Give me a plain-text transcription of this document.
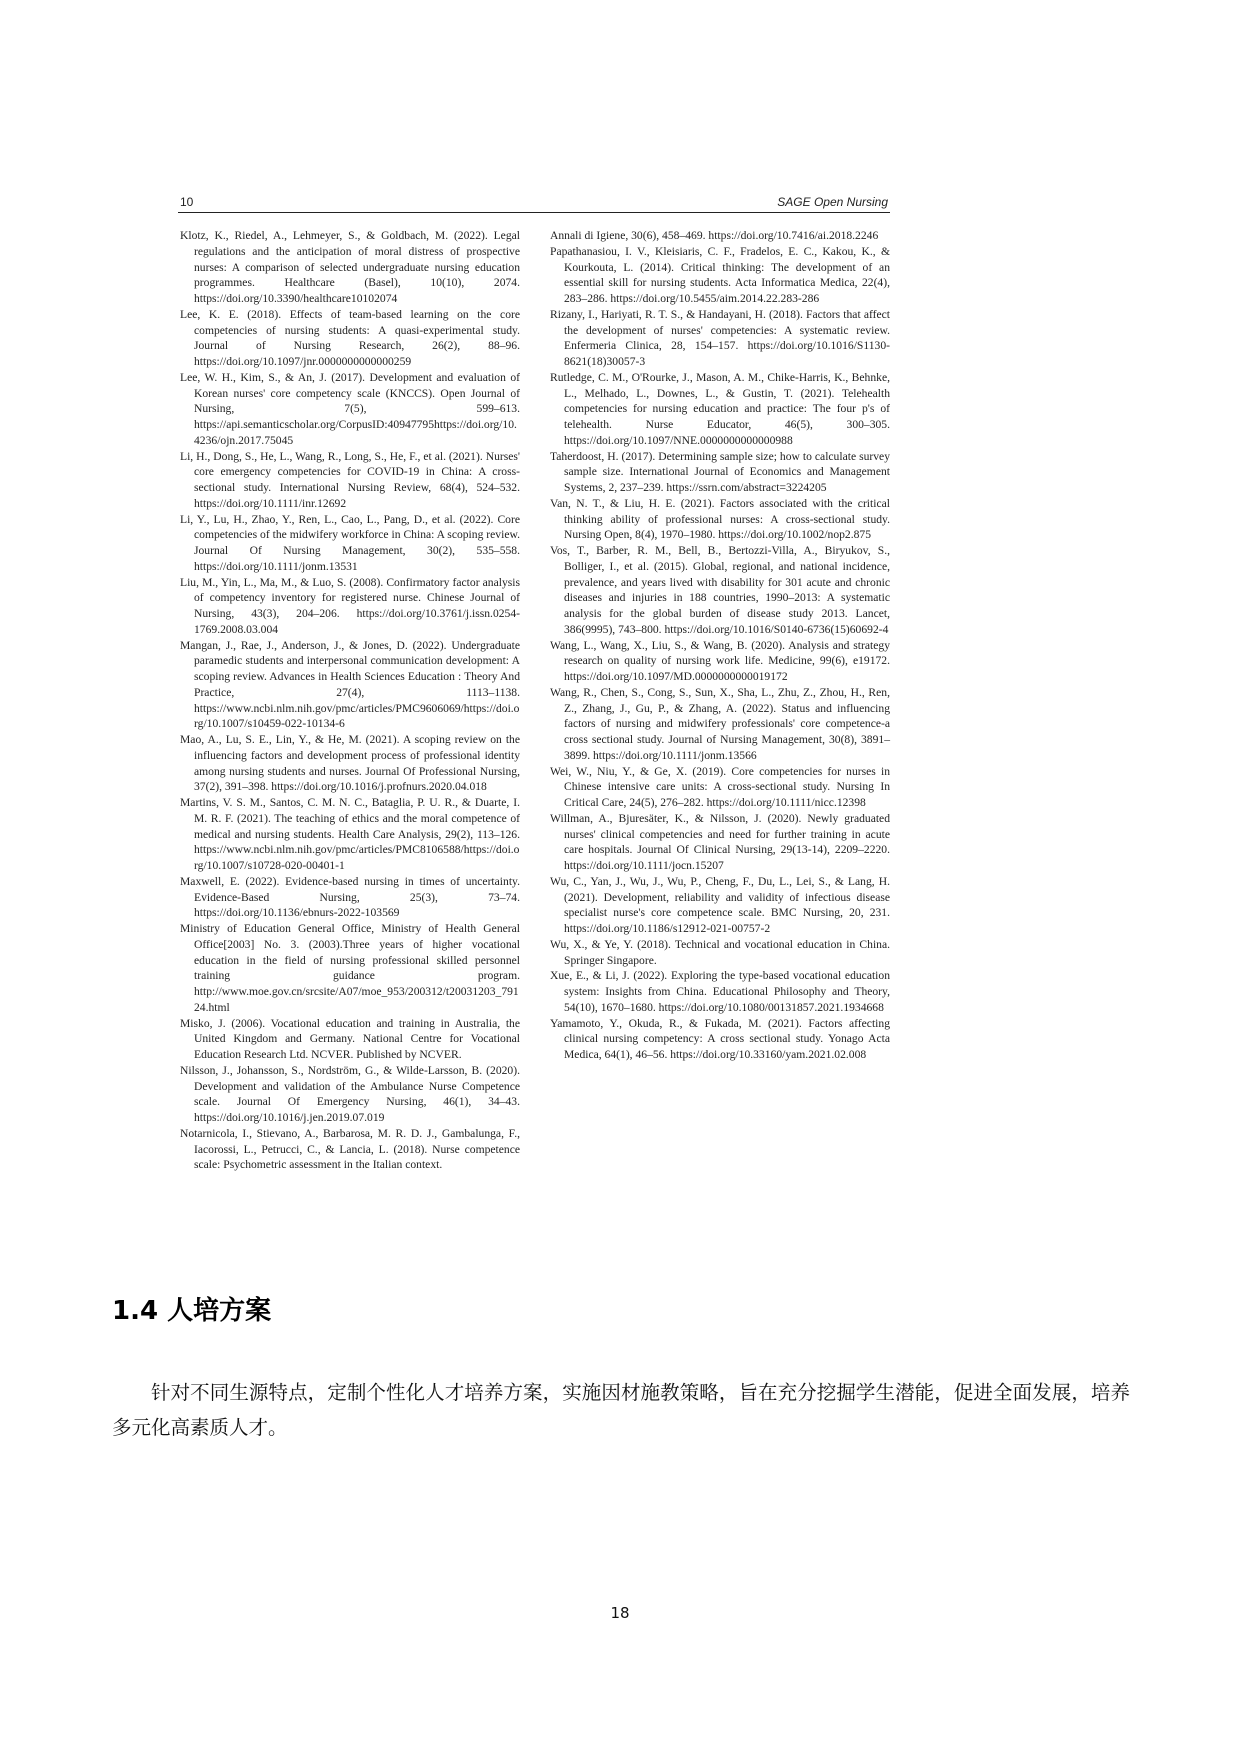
10	SAGE Open Nursing

Klotz, K., Riedel, A., Lehmeyer, S., & Goldbach, M. (2022). Legal regulations and the anticipation of moral distress of prospective nurses: A comparison of selected undergraduate nursing education programmes. Healthcare (Basel), 10(10), 2074. https://doi.org/10.3390/healthcare10102074

Lee, K. E. (2018). Effects of team-based learning on the core competencies of nursing students: A quasi-experimental study. Journal of Nursing Research, 26(2), 88–96. https://doi.org/10.1097/jnr.0000000000000259

Lee, W. H., Kim, S., & An, J. (2017). Development and evaluation of Korean nurses' core competency scale (KNCCS). Open Journal of Nursing, 7(5), 599–613. https://api.semanticscholar.org/CorpusID:40947795https://doi.org/10.4236/ojn.2017.75045

Li, H., Dong, S., He, L., Wang, R., Long, S., He, F., et al. (2021). Nurses' core emergency competencies for COVID-19 in China: A cross-sectional study. International Nursing Review, 68(4), 524–532. https://doi.org/10.1111/inr.12692

Li, Y., Lu, H., Zhao, Y., Ren, L., Cao, L., Pang, D., et al. (2022). Core competencies of the midwifery workforce in China: A scoping review. Journal Of Nursing Management, 30(2), 535–558. https://doi.org/10.1111/jonm.13531

Liu, M., Yin, L., Ma, M., & Luo, S. (2008). Confirmatory factor analysis of competency inventory for registered nurse. Chinese Journal of Nursing, 43(3), 204–206. https://doi.org/10.3761/j.issn.0254-1769.2008.03.004

Mangan, J., Rae, J., Anderson, J., & Jones, D. (2022). Undergraduate paramedic students and interpersonal communication development: A scoping review. Advances in Health Sciences Education : Theory And Practice, 27(4), 1113–1138. https://www.ncbi.nlm.nih.gov/pmc/articles/PMC9606069/https://doi.org/10.1007/s10459-022-10134-6

Mao, A., Lu, S. E., Lin, Y., & He, M. (2021). A scoping review on the influencing factors and development process of professional identity among nursing students and nurses. Journal Of Professional Nursing, 37(2), 391–398. https://doi.org/10.1016/j.profnurs.2020.04.018

Martins, V. S. M., Santos, C. M. N. C., Bataglia, P. U. R., & Duarte, I. M. R. F. (2021). The teaching of ethics and the moral competence of medical and nursing students. Health Care Analysis, 29(2), 113–126. https://www.ncbi.nlm.nih.gov/pmc/articles/PMC8106588/https://doi.org/10.1007/s10728-020-00401-1

Maxwell, E. (2022). Evidence-based nursing in times of uncertainty. Evidence-Based Nursing, 25(3), 73–74. https://doi.org/10.1136/ebnurs-2022-103569

Ministry of Education General Office, Ministry of Health General Office[2003] No. 3. (2003).Three years of higher vocational education in the field of nursing professional skilled personnel training guidance program. http://www.moe.gov.cn/srcsite/A07/moe_953/200312/t20031203_79124.html

Misko, J. (2006). Vocational education and training in Australia, the United Kingdom and Germany. National Centre for Vocational Education Research Ltd. NCVER. Published by NCVER.

Nilsson, J., Johansson, S., Nordström, G., & Wilde-Larsson, B. (2020). Development and validation of the Ambulance Nurse Competence scale. Journal Of Emergency Nursing, 46(1), 34–43. https://doi.org/10.1016/j.jen.2019.07.019

Notarnicola, I., Stievano, A., Barbarosa, M. R. D. J., Gambalunga, F., Iacorossi, L., Petrucci, C., & Lancia, L. (2018). Nurse competence scale: Psychometric assessment in the Italian context.

Annali di Igiene, 30(6), 458–469. https://doi.org/10.7416/ai.2018.2246

Papathanasiou, I. V., Kleisiaris, C. F., Fradelos, E. C., Kakou, K., & Kourkouta, L. (2014). Critical thinking: The development of an essential skill for nursing students. Acta Informatica Medica, 22(4), 283–286. https://doi.org/10.5455/aim.2014.22.283-286

Rizany, I., Hariyati, R. T. S., & Handayani, H. (2018). Factors that affect the development of nurses' competencies: A systematic review. Enfermeria Clinica, 28, 154–157. https://doi.org/10.1016/S1130-8621(18)30057-3

Rutledge, C. M., O'Rourke, J., Mason, A. M., Chike-Harris, K., Behnke, L., Melhado, L., Downes, L., & Gustin, T. (2021). Telehealth competencies for nursing education and practice: The four p's of telehealth. Nurse Educator, 46(5), 300–305. https://doi.org/10.1097/NNE.0000000000000988

Taherdoost, H. (2017). Determining sample size; how to calculate survey sample size. International Journal of Economics and Management Systems, 2, 237–239. https://ssrn.com/abstract=3224205

Van, N. T., & Liu, H. E. (2021). Factors associated with the critical thinking ability of professional nurses: A cross-sectional study. Nursing Open, 8(4), 1970–1980. https://doi.org/10.1002/nop2.875

Vos, T., Barber, R. M., Bell, B., Bertozzi-Villa, A., Biryukov, S., Bolliger, I., et al. (2015). Global, regional, and national incidence, prevalence, and years lived with disability for 301 acute and chronic diseases and injuries in 188 countries, 1990–2013: A systematic analysis for the global burden of disease study 2013. Lancet, 386(9995), 743–800. https://doi.org/10.1016/S0140-6736(15)60692-4

Wang, L., Wang, X., Liu, S., & Wang, B. (2020). Analysis and strategy research on quality of nursing work life. Medicine, 99(6), e19172. https://doi.org/10.1097/MD.0000000000019172

Wang, R., Chen, S., Cong, S., Sun, X., Sha, L., Zhu, Z., Zhou, H., Ren, Z., Zhang, J., Gu, P., & Zhang, A. (2022). Status and influencing factors of nursing and midwifery professionals' core competence-a cross sectional study. Journal of Nursing Management, 30(8), 3891–3899. https://doi.org/10.1111/jonm.13566

Wei, W., Niu, Y., & Ge, X. (2019). Core competencies for nurses in Chinese intensive care units: A cross-sectional study. Nursing In Critical Care, 24(5), 276–282. https://doi.org/10.1111/nicc.12398

Willman, A., Bjuresäter, K., & Nilsson, J. (2020). Newly graduated nurses' clinical competencies and need for further training in acute care hospitals. Journal Of Clinical Nursing, 29(13-14), 2209–2220. https://doi.org/10.1111/jocn.15207

Wu, C., Yan, J., Wu, J., Wu, P., Cheng, F., Du, L., Lei, S., & Lang, H. (2021). Development, reliability and validity of infectious disease specialist nurse's core competence scale. BMC Nursing, 20, 231. https://doi.org/10.1186/s12912-021-00757-2

Wu, X., & Ye, Y. (2018). Technical and vocational education in China. Springer Singapore.

Xue, E., & Li, J. (2022). Exploring the type-based vocational education system: Insights from China. Educational Philosophy and Theory, 54(10), 1670–1680. https://doi.org/10.1080/00131857.2021.1934668

Yamamoto, Y., Okuda, R., & Fukada, M. (2021). Factors affecting clinical nursing competency: A cross sectional study. Yonago Acta Medica, 64(1), 46–56. https://doi.org/10.33160/yam.2021.02.008

1.4 人培方案

针对不同生源特点，定制个性化人才培养方案，实施因材施教策略，旨在充分挖掘学生潜能，促进全面发展，培养多元化高素质人才。

18
